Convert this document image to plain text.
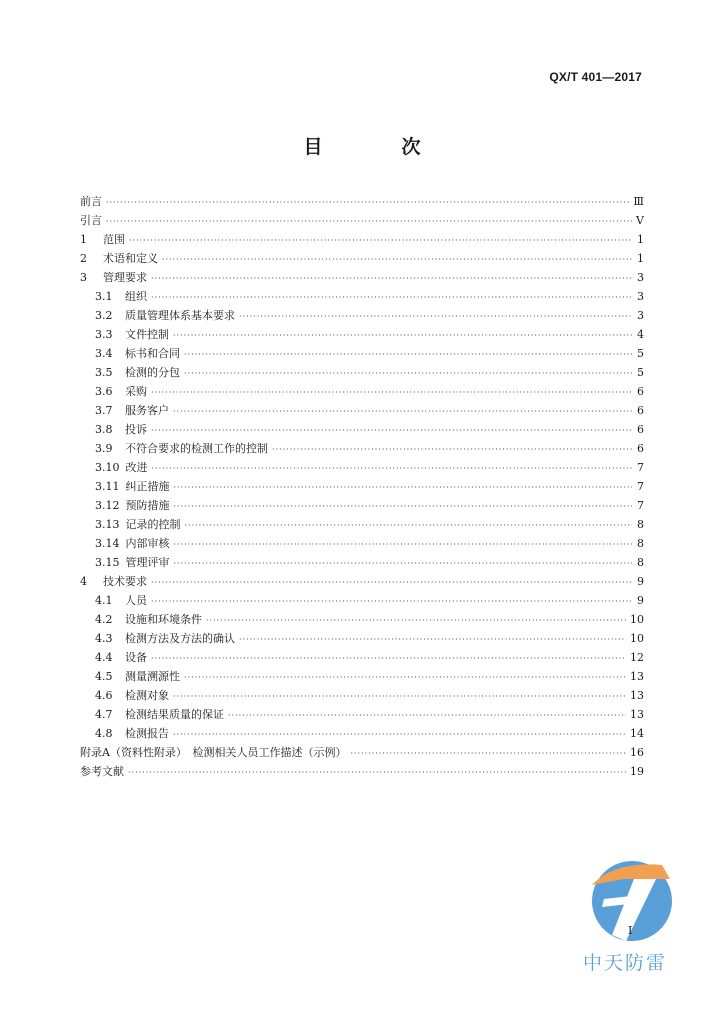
QX/T 401—2017
目　次
前言 ·····	Ⅲ
引言 ·····	Ⅴ
1	范围 ·····	1
2	术语和定义 ·····	1
3	管理要求 ·····	3
3.1	组织 ·····	3
3.2	质量管理体系基本要求 ·····	3
3.3	文件控制 ·····	4
3.4	标书和合同 ·····	5
3.5	检测的分包 ·····	5
3.6	采购 ·····	6
3.7	服务客户 ·····	6
3.8	投诉 ·····	6
3.9	不符合要求的检测工作的控制 ·····	6
3.10 改进 ·····	7
3.11 纠正措施 ·····	7
3.12 预防措施 ·····	7
3.13 记录的控制 ·····	8
3.14 内部审核 ·····	8
3.15 管理评审 ·····	8
4	技术要求 ·····	9
4.1	人员 ·····	9
4.2	设施和环境条件 ·····	10
4.3	检测方法及方法的确认 ·····	10
4.4	设备 ·····	12
4.5	测量溯源性 ·····	13
4.6	检测对象 ·····	13
4.7	检测结果质量的保证 ·····	13
4.8	检测报告 ·····	14
附录A（资料性附录）　检测相关人员工作描述（示例） ·····	16
参考文献 ·····	19
Ⅰ
中天防雷
